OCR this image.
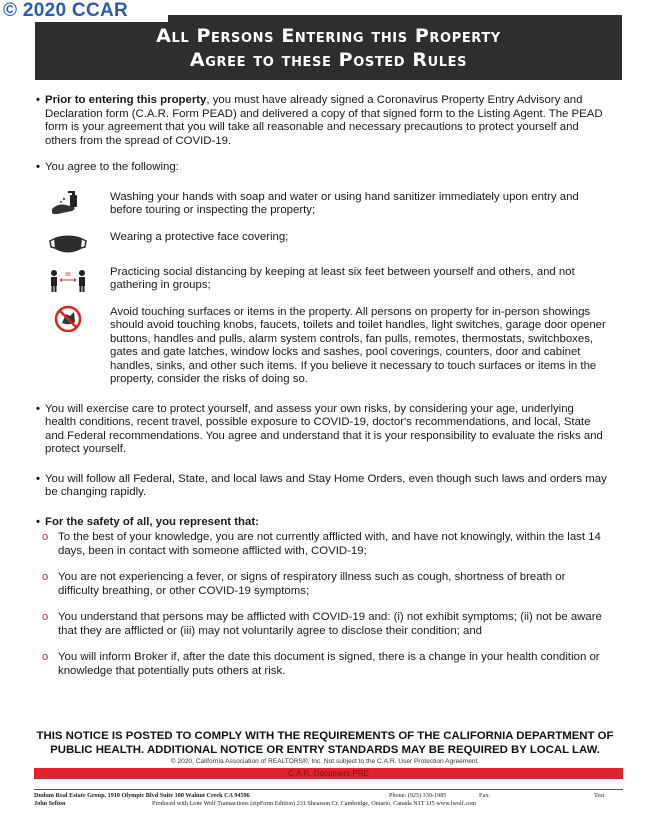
© 2020 CCAR
All Persons Entering this Property
Agree to these Posted Rules
• Prior to entering this property, you must have already signed a Coronavirus Property Entry Advisory and Declaration form (C.A.R. Form PEAD) and delivered a copy of that signed form to the Listing Agent. The PEAD form is your agreement that you will take all reasonable and necessary precautions to protect yourself and others from the spread of COVID-19.
• You agree to the following:
Washing your hands with soap and water or using hand sanitizer immediately upon entry and before touring or inspecting the property;
Wearing a protective face covering;
6ft	Practicing social distancing by keeping at least six feet between yourself and others, and not gathering in groups;
Avoid touching surfaces or items in the property. All persons on property for in-person showings should avoid touching knobs, faucets, toilets and toilet handles, light switches, garage door opener buttons, handles and pulls, alarm system controls, fan pulls, remotes, thermostats, switchboxes, gates and gate latches, window locks and sashes, pool coverings, counters, door and cabinet handles, sinks, and other such items. If you believe it necessary to touch surfaces or items in the property, consider the risks of doing so.
• You will exercise care to protect yourself, and assess your own risks, by considering your age, underlying health conditions, recent travel, possible exposure to COVID-19, doctor's recommendations, and local, State and Federal recommendations. You agree and understand that it is your responsibility to evaluate the risks and protect yourself.
• You will follow all Federal, State, and local laws and Stay Home Orders, even though such laws and orders may be changing rapidly.
• For the safety of all, you represent that:
o To the best of your knowledge, you are not currently afflicted with, and have not knowingly, within the last 14 days, been in contact with someone afflicted with, COVID-19;
o You are not experiencing a fever, or signs of respiratory illness such as cough, shortness of breath or difficulty breathing, or other COVID-19 symptoms;
o You understand that persons may be afflicted with COVID-19 and: (i) not exhibit symptoms; (ii) not be aware that they are afflicted or (iii) may not voluntarily agree to disclose their condition; and
o You will inform Broker if, after the date this document is signed, there is a change in your health condition or knowledge that potentially puts others at risk.
THIS NOTICE IS POSTED TO COMPLY WITH THE REQUIREMENTS OF THE CALIFORNIA DEPARTMENT OF
PUBLIC HEALTH. ADDITIONAL NOTICE OR ENTRY STANDARDS MAY BE REQUIRED BY LOCAL LAW.
© 2020, California Association of REALTORS®, Inc. Not subject to the C.A.R. User Protection Agreement.
C.A.R. Document PRE
Dudum Real Estate Group, 1910 Olympic Blvd Suite 100 Walnut Creek CA 94596	Phone: (925) 330-1985	Fax:	Test
John Sefton	Produced with Lone Wolf Transactions (zipForm Edition) 231 Shearson Cr. Cambridge, Ontario, Canada N1T 1J5 www.lwolf.com
